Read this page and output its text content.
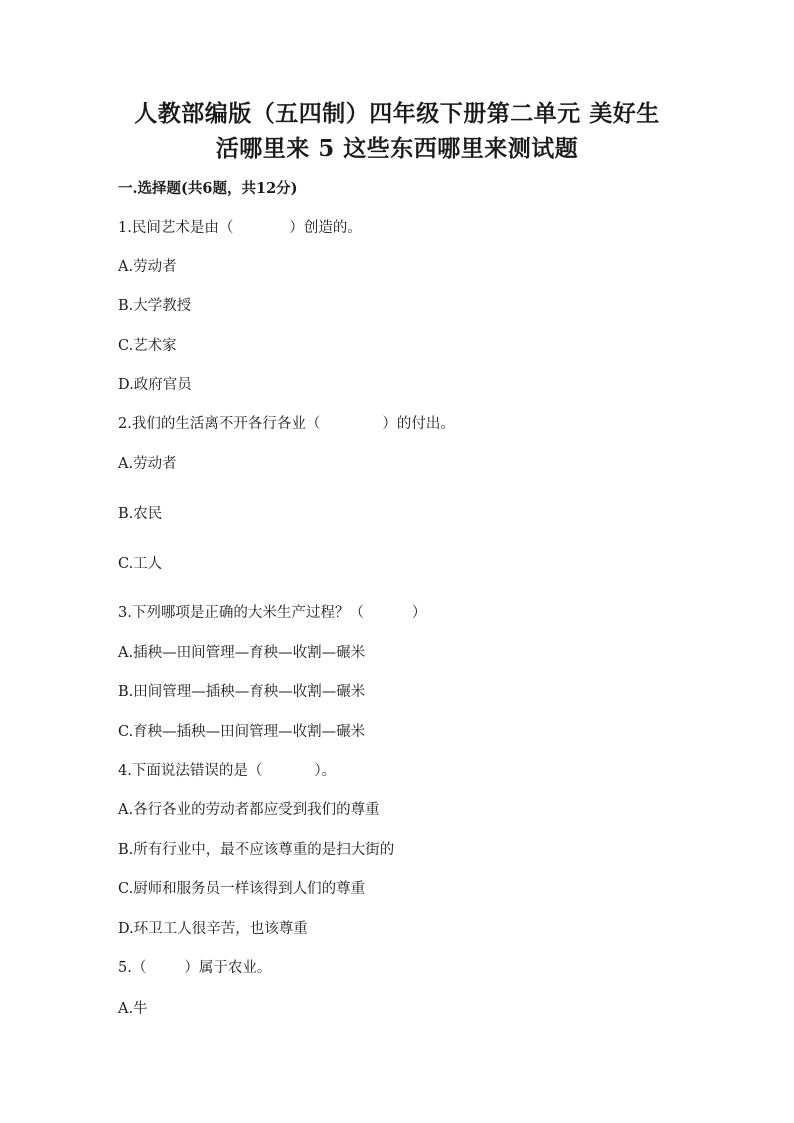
人教部编版（五四制）四年级下册第二单元 美好生
活哪里来 5 这些东西哪里来测试题
一.选择题(共6题，共12分)
1.民间艺术是由（	）创造的。
A.劳动者
B.大学教授
C.艺术家
D.政府官员
2.我们的生活离不开各行各业（	）的付出。
A.劳动者
B.农民
C.工人
3.下列哪项是正确的大米生产过程？（	）
A.插秧—田间管理—育秧—收割—碾米
B.田间管理—插秧—育秧—收割—碾米
C.育秧—插秧—田间管理—收割—碾米
4.下面说法错误的是（	）。
A.各行各业的劳动者都应受到我们的尊重
B.所有行业中，最不应该尊重的是扫大街的
C.厨师和服务员一样该得到人们的尊重
D.环卫工人很辛苦，也该尊重
5.（	）属于农业。
A.牛
